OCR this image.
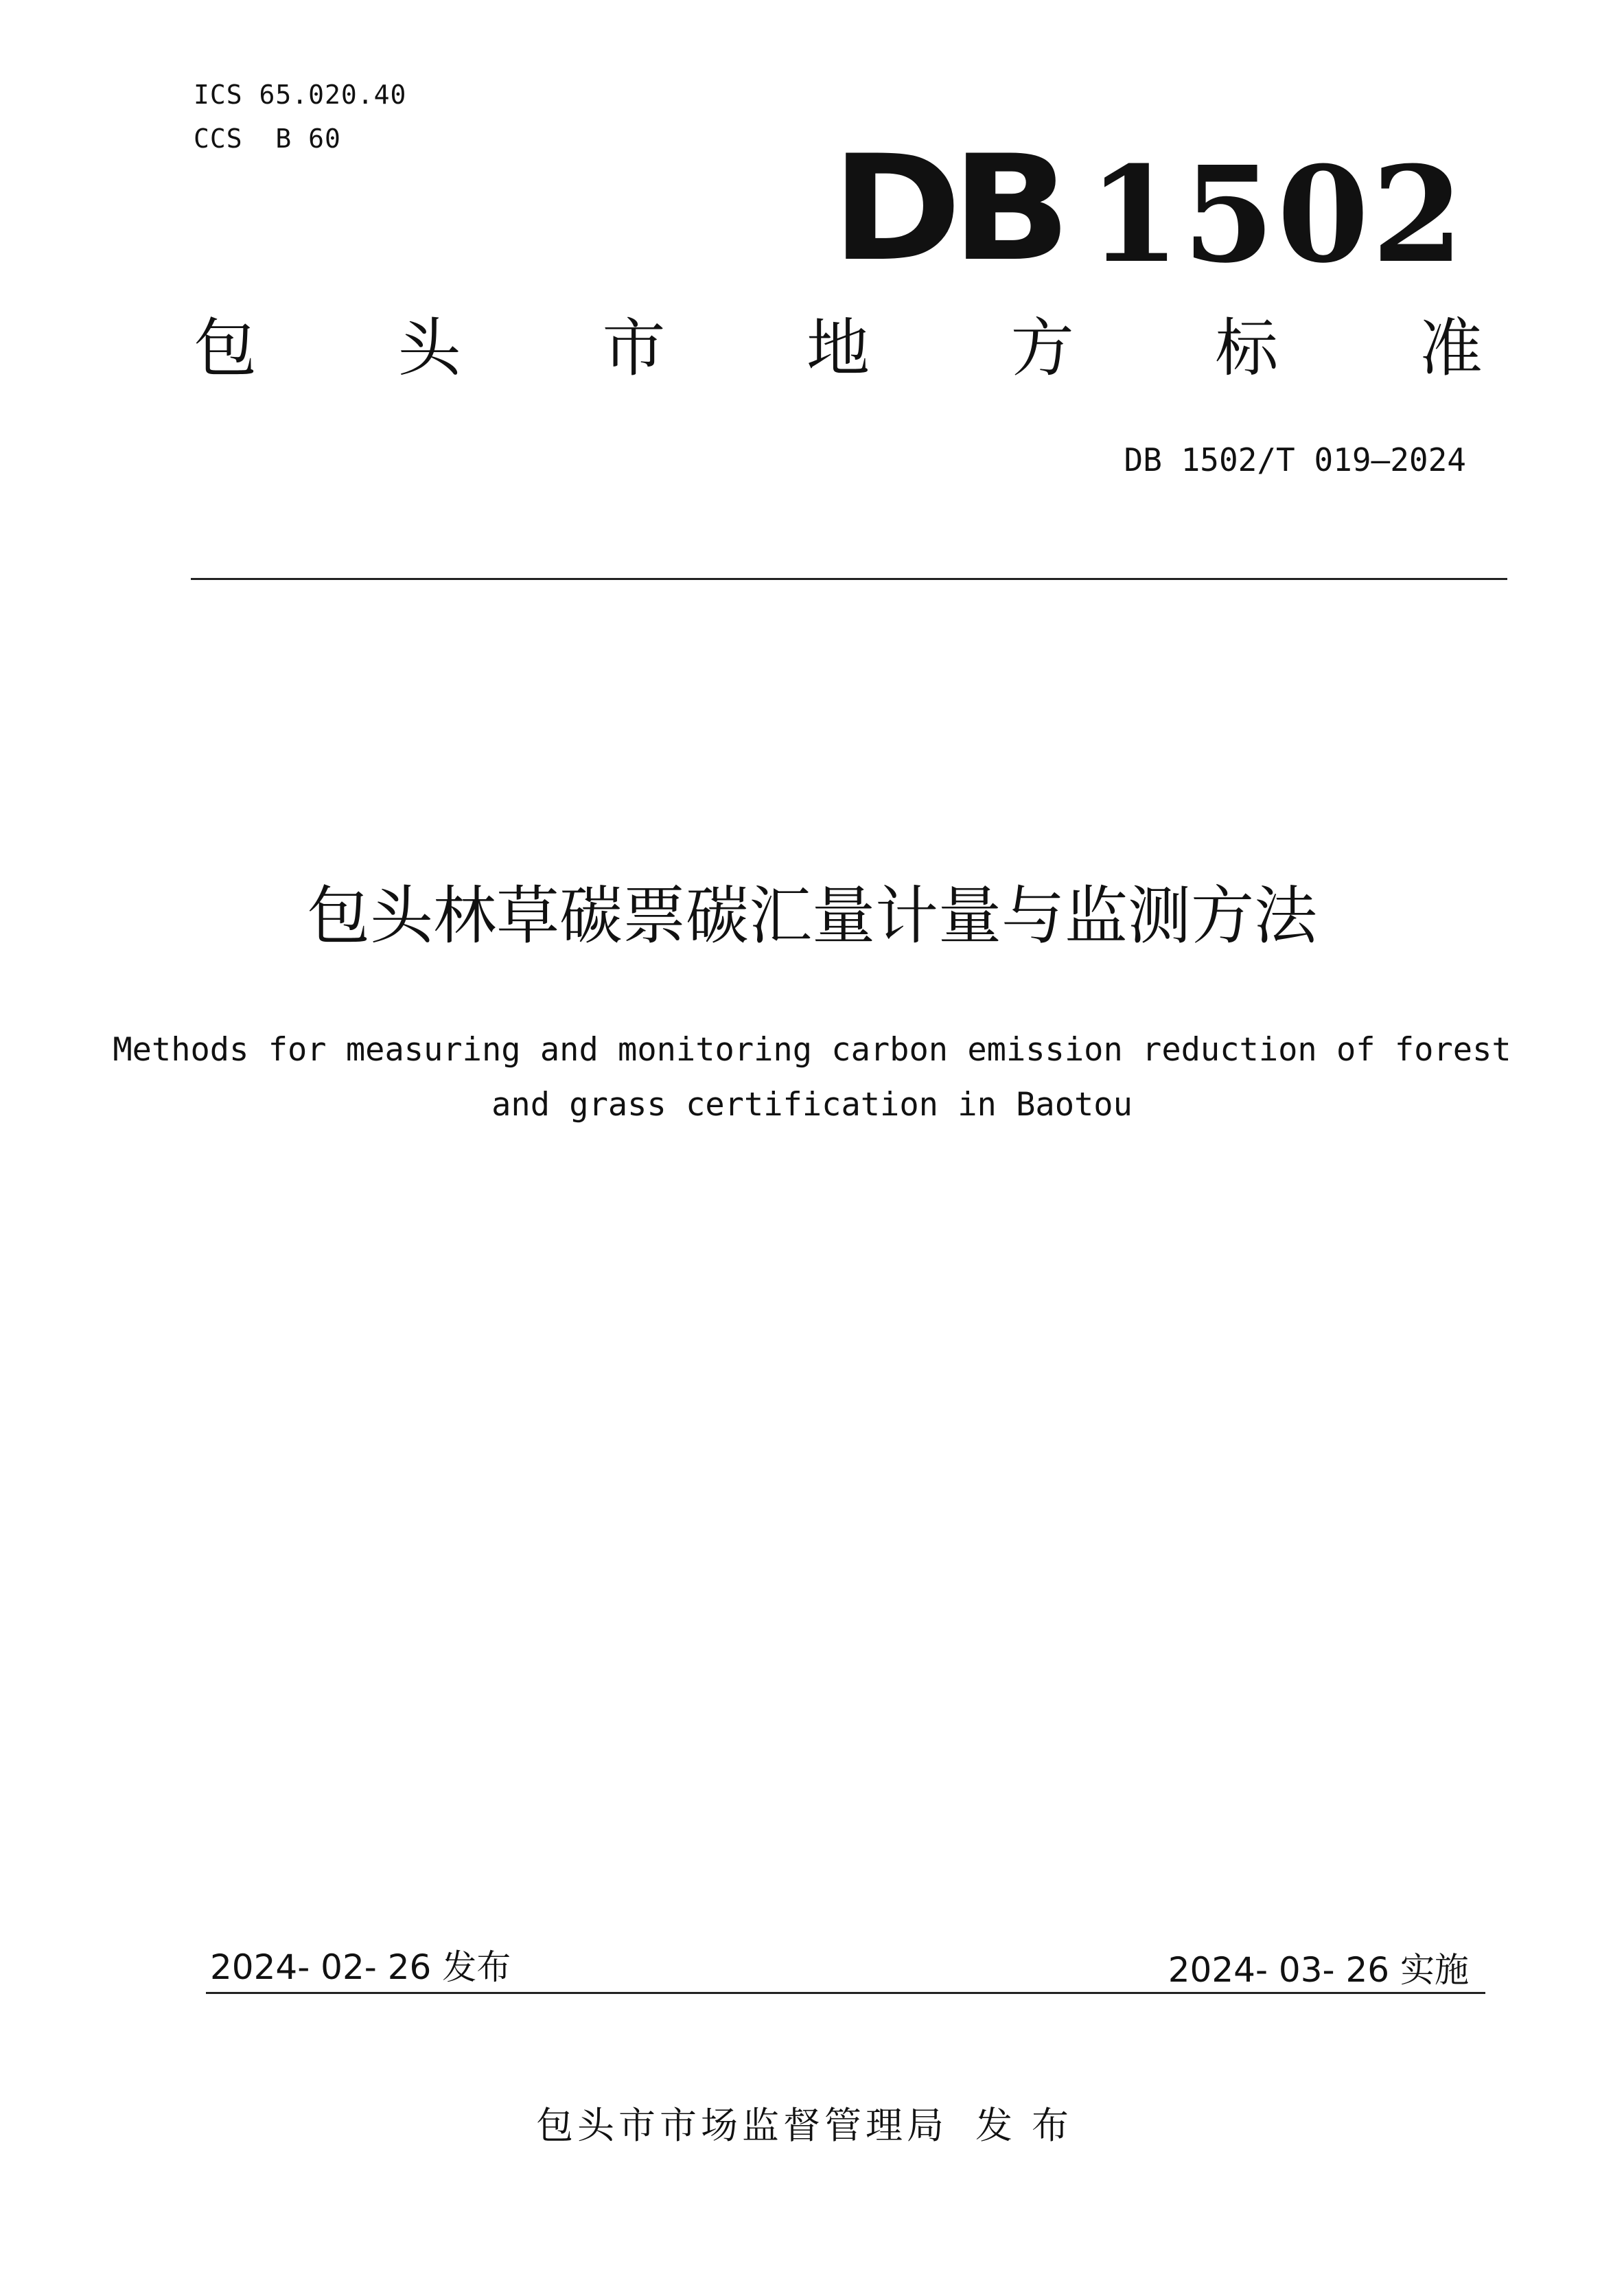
ICS 65.020.40
CCS  B 60	DB 1502
包 头 市 地 方 标 准
DB 1502/T 019—2024
包头林草碳票碳汇量计量与监测方法
Methods for measuring and monitoring carbon emission reduction of forest
and grass certification in Baotou
2024- 02- 26 发布	2024- 03- 26 实施
包头市市场监督管理局 发布
